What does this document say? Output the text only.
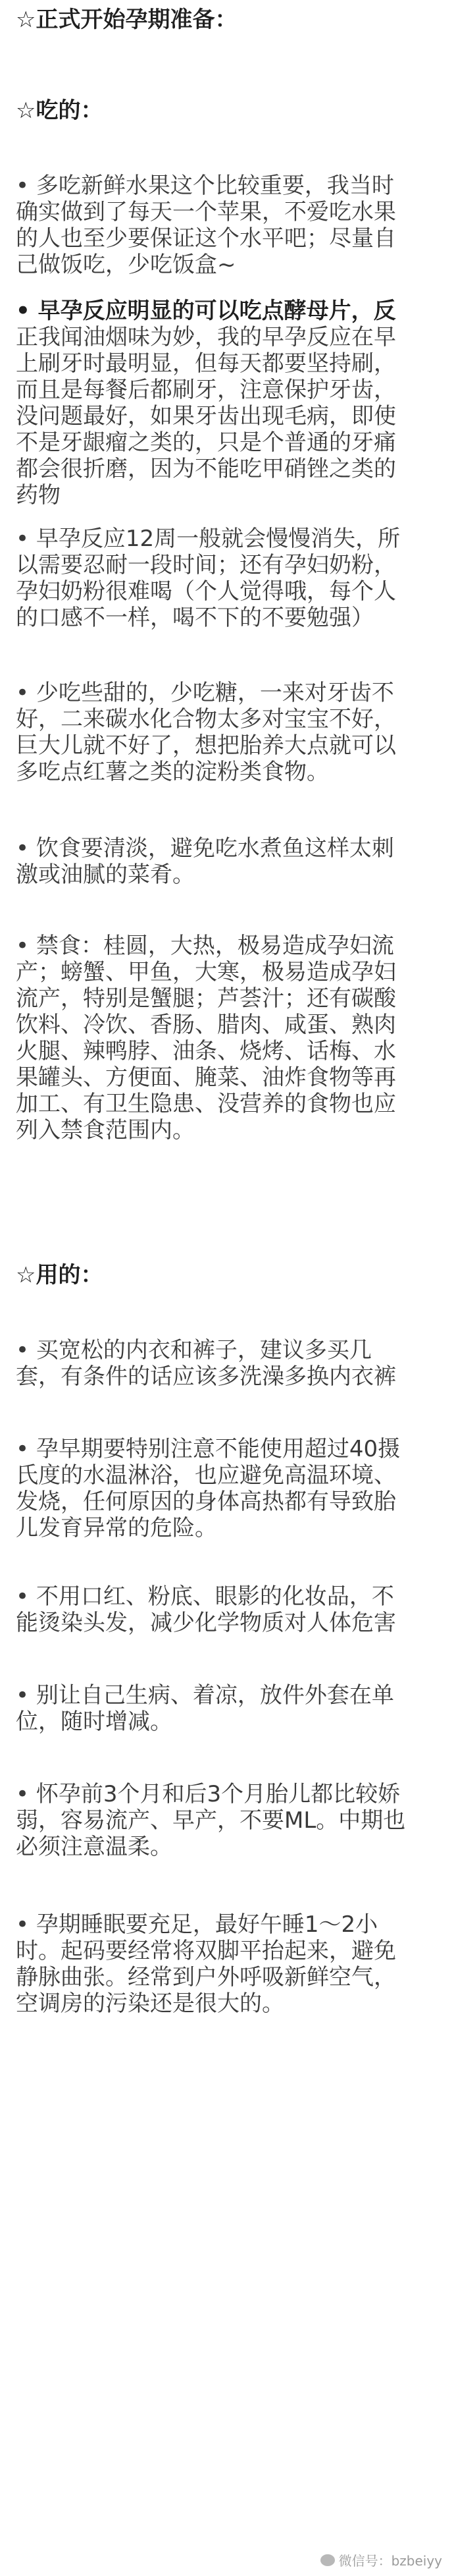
☆正式开始孕期准备：

☆吃的：

• 多吃新鲜水果这个比较重要，我当时

确实做到了每天一个苹果，不爱吃水果

的人也至少要保证这个水平吧；尽量自

己做饭吃，少吃饭盒~

• 早孕反应明显的可以吃点酵母片，反

正我闻油烟味为妙，我的早孕反应在早

上刷牙时最明显，但每天都要坚持刷，

而且是每餐后都刷牙，注意保护牙齿，

没问题最好，如果牙齿出现毛病，即使

不是牙龈瘤之类的，只是个普通的牙痛

都会很折磨，因为不能吃甲硝锉之类的

药物

• 早孕反应12周一般就会慢慢消失，所

以需要忍耐一段时间；还有孕妇奶粉，

孕妇奶粉很难喝（个人觉得哦，每个人

的口感不一样，喝不下的不要勉强）

• 少吃些甜的，少吃糖，一来对牙齿不

好，二来碳水化合物太多对宝宝不好，

巨大儿就不好了，想把胎养大点就可以

多吃点红薯之类的淀粉类食物。

• 饮食要清淡，避免吃水煮鱼这样太刺

激或油腻的菜肴。

• 禁食：桂圆，大热，极易造成孕妇流

产；螃蟹、甲鱼，大寒，极易造成孕妇

流产，特别是蟹腿；芦荟汁；还有碳酸

饮料、冷饮、香肠、腊肉、咸蛋、熟肉

火腿、辣鸭脖、油条、烧烤、话梅、水

果罐头、方便面、腌菜、油炸食物等再

加工、有卫生隐患、没营养的食物也应

列入禁食范围内。

☆用的：

• 买宽松的内衣和裤子，建议多买几

套，有条件的话应该多洗澡多换内衣裤

• 孕早期要特别注意不能使用超过40摄

氏度的水温淋浴，也应避免高温环境、

发烧，任何原因的身体高热都有导致胎

儿发育异常的危险。

• 不用口红、粉底、眼影的化妆品，不

能烫染头发，减少化学物质对人体危害

• 别让自己生病、着凉，放件外套在单

位，随时增减。

• 怀孕前3个月和后3个月胎儿都比较娇

弱，容易流产、早产，不要ML。中期也

必须注意温柔。

• 孕期睡眠要充足，最好午睡1～2小

时。起码要经常将双脚平抬起来，避免

静脉曲张。经常到户外呼吸新鲜空气，

空调房的污染还是很大的。

微信号：bzbeiyy
